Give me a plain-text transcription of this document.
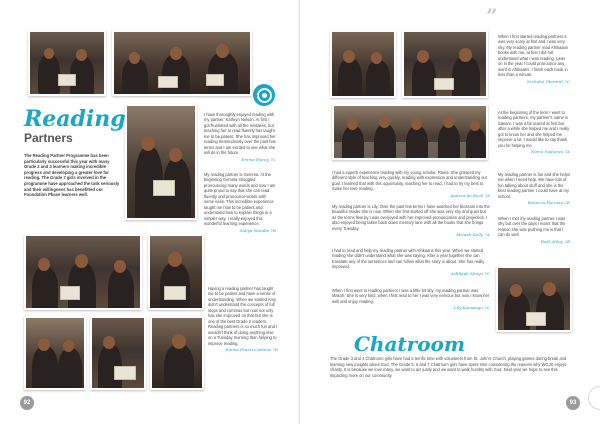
Reading
Partners
The Reading Partner Programme has been particularly successful this year with many Grade 2 and 3 learners making incredible progress and developing a greater love for reading. The Grade 7 girls involved in the programme have approached the task seriously and their willingness has benefitted our Foundation Phase learners well.
I have thoroughly enjoyed reading with my partner, Kathryn Nelson. At first I got frustrated with all the mistakes, but teaching her to read fluently has taught me to be patient. She has improved her reading tremendously over the past few terms and I am excited to see what she will do in the future.
Emma Fairey 7C
My reading partner is Gemma. At the beginning Gemma struggled pronouncing many words and now I am quite proud to say that she can read fluently and pronounce words with some ease. This incredible experience taught me how to be patient and understand how to explain things in a simpler way. I really enjoyed this wonderful learning experience.
Saliya Moodie 7B
Having a reading partner has taught me to be patient and have a sense of understanding. When we started Amy didn't understand the concepts of full stops and commas but now not only has she improved on that but she is one of the best Grade 2 readers. Reading partners is so much fun and I wouldn't think of doing anything else on a Tuesday morning than helping to improve reading.
Emma Francis-Adams 7E
92
”
When I first started reading partners it was very scary at first and I was very shy. My reading partner read Afrikaans books with me, at first I did not understand what I was reading. Later on in the year I could pronounce any word in Afrikaans. I finish each book in less than a minute.
Nicholai Ghirardi 7C
At the beginning of the term I went to reading partners, my partner's name is Sanam. I was a bit scared at first but after a while she helped me and I really got to know her and she helped me improve a lot. I would like to say thank you for helping me.
Nomo Sudazwa 7A
My reading partner is fun and she helps me when I need help. We have lots of fun talking about stuff and she is the best reading partner I could have at my school.
Rebecca Dorman 2E
When I met my reading partner I was shy but over the days I learnt that the reason she was pushing me is that I can do well.
Ruth Hilay 2B
I had a superb experience reading with my young scholar, Rania. She grasped my different style of teaching very quickly, reading with expression and understanding our goal. I learned that with this opportunity, teaching her to read, I had to try my best to make her love reading.
Andrea de Beck 7A
My reading partner is Lily. Over the past few terms I have watched her blossom into the beautiful reader she is now. When she first started off she was very shy and quiet but as the terms flew by I was overjoyed with her improved pronunciation and projection. I also enjoyed being taken back down memory lane with all the books that she brings every Tuesday.
Micaeh Kelly 7A
I had to read and help my reading partner with Afrikaans this year. When we started reading she didn't understand what she was saying. After a year together she can translate any of the sentences and can follow what the story is about. She has really improved.
Ashleigh Minyo 7C
When I first went to reading partners I was a little bit shy, my reading partner was Makoh. She is very kind, when I first read to her I was very nervous but now I know her well and enjoy reading.
Lily Koosango 2C
Chatroom
The Grade 3 and 4 Chatroom girls have had a terrific time with volunteers from St. John's Church, playing games during break and learning new insights about God. The Grade 5, 6 and 7 Chatroom girls have spent time considering the reasons why WGJS enjoys charity. It is because we love many, we want to act justly and we want to walk humbly with God. Next year we hope to see this impacting more on our community.
93
